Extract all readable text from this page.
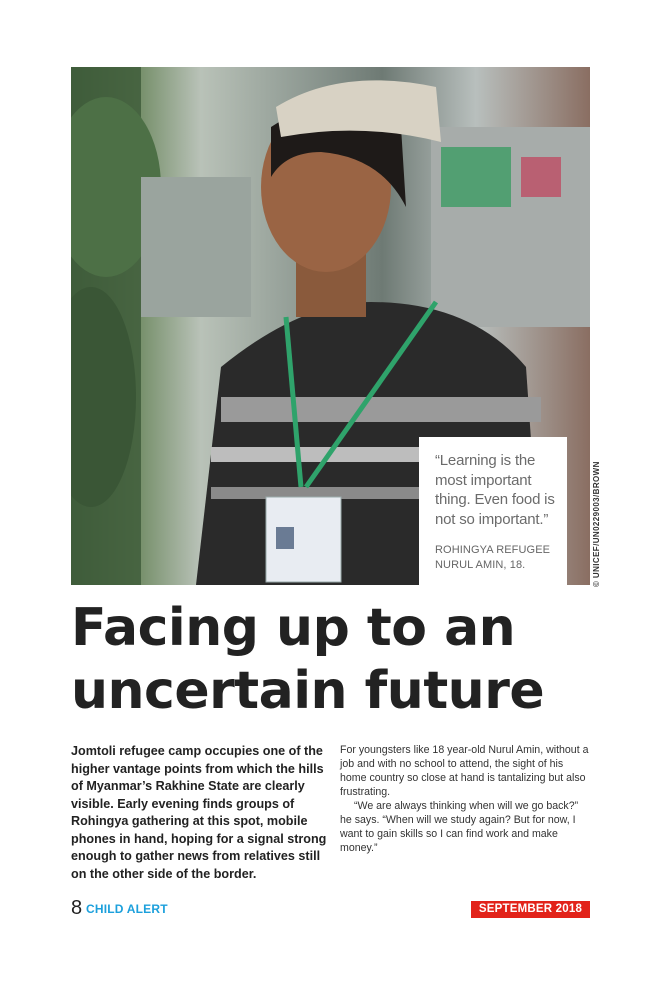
“Learning is the most important thing. Even food is not so important.”

ROHINGYA REFUGEE
NURUL AMIN, 18.	© UNICEF/UN0229003/BROWN
Facing up to an
uncertain future

Jomtoli refugee camp occupies one of the higher vantage points from which the hills of Myanmar’s Rakhine State are clearly visible. Early evening finds groups of Rohingya gathering at this spot, mobile phones in hand, hoping for a signal strong enough to gather news from relatives still on the other side of the border.

For youngsters like 18 year-old Nurul Amin, without a job and with no school to attend, the sight of his home country so close at hand is tantalizing but also frustrating.

“We are always thinking when will we go back?” he says. “When will we study again? But for now, I want to gain skills so I can find work and make money.”

8 CHILD ALERT	SEPTEMBER 2018
